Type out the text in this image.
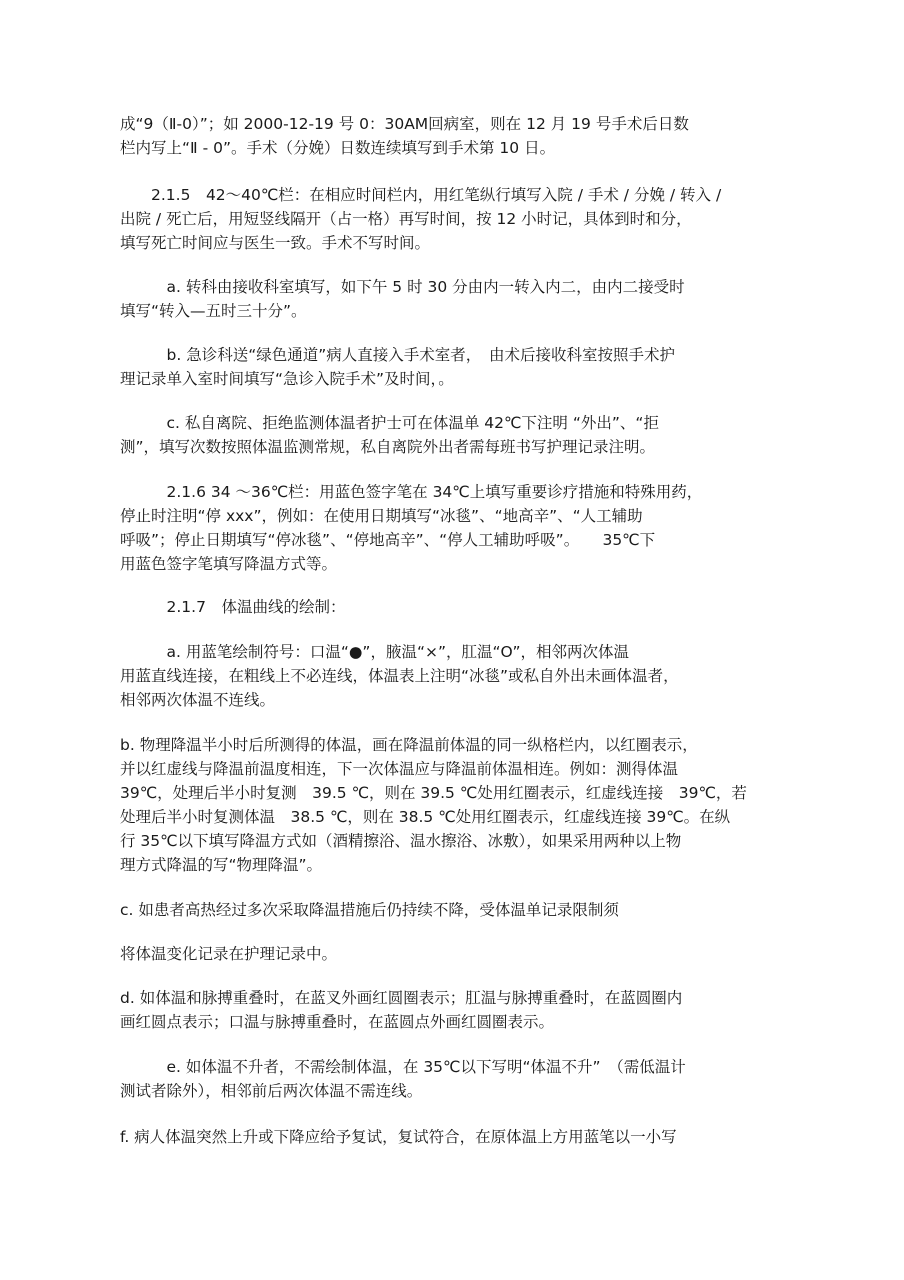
成“9（Ⅱ-0）”；如 2000-12-19 号 0：30AM回病室，则在 12 月 19 号手术后日数
栏内写上“Ⅱ - 0”。手术（分娩）日数连续填写到手术第 10 日。
　　2.1.5　42～40℃栏：在相应时间栏内，用红笔纵行填写入院 / 手术 / 分娩 / 转入 /
出院 / 死亡后，用短竖线隔开（占一格）再写时间，按 12 小时记，具体到时和分，
填写死亡时间应与医生一致。手术不写时间。
　　　a. 转科由接收科室填写，如下午 5 时 30 分由内一转入内二，由内二接受时
填写“转入—五时三十分”。
　　　b. 急诊科送“绿色通道”病人直接入手术室者，　由术后接收科室按照手术护
理记录单入室时间填写“急诊入院手术”及时间，。
　　　c. 私自离院、拒绝监测体温者护士可在体温单 42℃下注明 “外出”、“拒
测”，填写次数按照体温监测常规，私自离院外出者需每班书写护理记录注明。
　　　2.1.6 34 ～36℃栏：用蓝色签字笔在 34℃上填写重要诊疗措施和特殊用药，
停止时注明“停 xxx”，例如：在使用日期填写“冰毯”、“地高辛”、“人工辅助
呼吸”；停止日期填写“停冰毯”、“停地高辛”、“停人工辅助呼吸”。　　35℃下
用蓝色签字笔填写降温方式等。
　　　2.1.7　体温曲线的绘制：
　　　a. 用蓝笔绘制符号：口温“●”，腋温“×”，肛温“O”，相邻两次体温
用蓝直线连接，在粗线上不必连线，体温表上注明“冰毯”或私自外出未画体温者，
相邻两次体温不连线。
b. 物理降温半小时后所测得的体温，画在降温前体温的同一纵格栏内，以红圈表示，
并以红虚线与降温前温度相连，下一次体温应与降温前体温相连。例如：测得体温
39℃，处理后半小时复测　39.5 ℃，则在 39.5 ℃处用红圈表示，红虚线连接　39℃，若
处理后半小时复测体温　38.5 ℃，则在 38.5 ℃处用红圈表示，红虚线连接 39℃。在纵
行 35℃以下填写降温方式如（酒精擦浴、温水擦浴、冰敷），如果采用两种以上物
理方式降温的写“物理降温”。
c. 如患者高热经过多次采取降温措施后仍持续不降，受体温单记录限制须
将体温变化记录在护理记录中。
d. 如体温和脉搏重叠时，在蓝叉外画红圆圈表示；肛温与脉搏重叠时，在蓝圆圈内
画红圆点表示；口温与脉搏重叠时，在蓝圆点外画红圆圈表示。
　　　e. 如体温不升者，不需绘制体温，在 35℃以下写明“体温不升”　（需低温计
测试者除外），相邻前后两次体温不需连线。
f. 病人体温突然上升或下降应给予复试，复试符合，在原体温上方用蓝笔以一小写
